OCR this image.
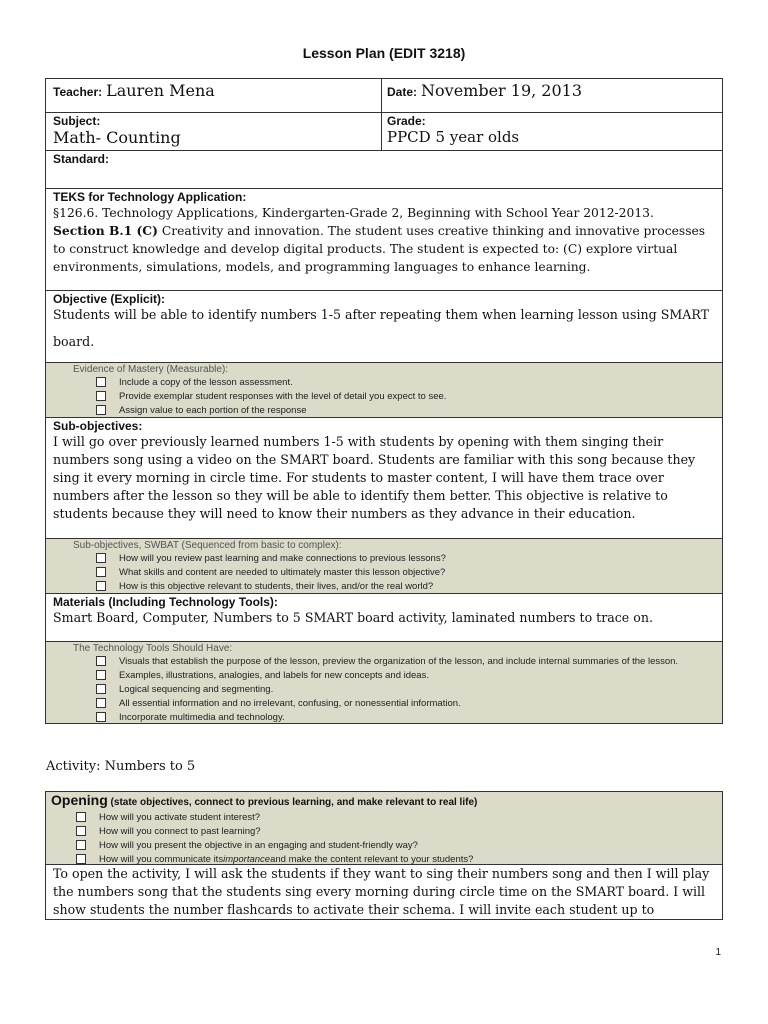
Lesson Plan (EDIT 3218)
Teacher: Lauren Mena	Date: November 19, 2013
Subject:
Math- Counting
Grade:
PPCD 5 year olds
Standard:
TEKS for Technology Application:
§126.6. Technology Applications, Kindergarten-Grade 2, Beginning with School Year 2012-2013.
Section B.1 (C) Creativity and innovation. The student uses creative thinking and innovative processes to construct knowledge and develop digital products. The student is expected to: (C) explore virtual environments, simulations, models, and programming languages to enhance learning.
Objective (Explicit):
Students will be able to identify numbers 1-5 after repeating them when learning lesson using SMART board.
Evidence of Mastery (Measurable):
Include a copy of the lesson assessment.
Provide exemplar student responses with the level of detail you expect to see.
Assign value to each portion of the response
Sub-objectives:
I will go over previously learned numbers 1-5 with students by opening with them singing their numbers song using a video on the SMART board. Students are familiar with this song because they sing it every morning in circle time. For students to master content, I will have them trace over numbers after the lesson so they will be able to identify them better. This objective is relative to students because they will need to know their numbers as they advance in their education.
Sub-objectives, SWBAT (Sequenced from basic to complex):
How will you review past learning and make connections to previous lessons?
What skills and content are needed to ultimately master this lesson objective?
How is this objective relevant to students, their lives, and/or the real world?
Materials (Including Technology Tools):
Smart Board, Computer, Numbers to 5 SMART board activity, laminated numbers to trace on.
The Technology Tools Should Have:
Visuals that establish the purpose of the lesson, preview the organization of the lesson, and include internal summaries of the lesson.
Examples, illustrations, analogies, and labels for new concepts and ideas.
Logical sequencing and segmenting.
All essential information and no irrelevant, confusing, or nonessential information.
Incorporate multimedia and technology.
Activity: Numbers to 5
Opening (state objectives, connect to previous learning, and make relevant to real life)
How will you activate student interest?
How will you connect to past learning?
How will you present the objective in an engaging and student-friendly way?
How will you communicate its importance and make the content relevant to your students?
To open the activity, I will ask the students if they want to sing their numbers song and then I will play the numbers song that the students sing every morning during circle time on the SMART board. I will show students the number flashcards to activate their schema. I will invite each student up to
1
